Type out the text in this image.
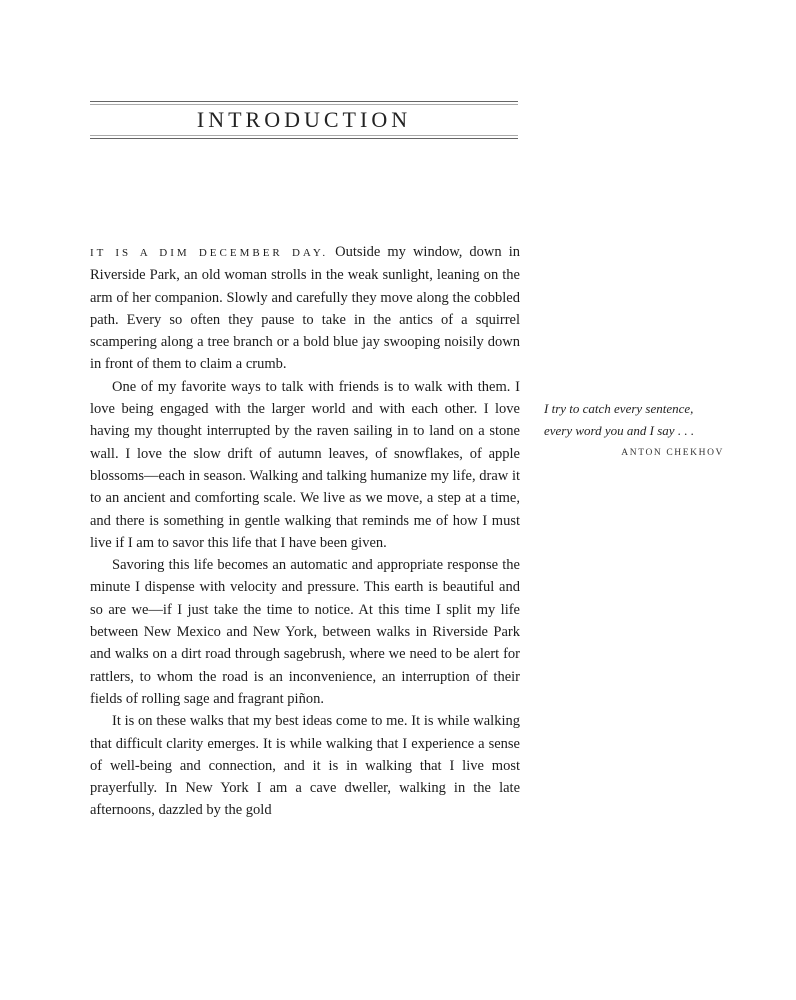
INTRODUCTION

IT IS A DIM DECEMBER DAY. Outside my window, down in Riverside Park, an old woman strolls in the weak sunlight, leaning on the arm of her companion. Slowly and carefully they move along the cobbled path. Every so often they pause to take in the antics of a squirrel scampering along a tree branch or a bold blue jay swooping noisily down in front of them to claim a crumb.

One of my favorite ways to talk with friends is to walk with them. I love being engaged with the larger world and with each other. I love having my thought interrupted by the raven sailing in to land on a stone wall. I love the slow drift of autumn leaves, of snowflakes, of apple blossoms—each in season. Walking and talking humanize my life, draw it to an ancient and comforting scale. We live as we move, a step at a time, and there is something in gentle walking that reminds me of how I must live if I am to savor this life that I have been given.

Savoring this life becomes an automatic and appropriate response the minute I dispense with velocity and pressure. This earth is beautiful and so are we—if I just take the time to notice. At this time I split my life between New Mexico and New York, between walks in Riverside Park and walks on a dirt road through sagebrush, where we need to be alert for rattlers, to whom the road is an inconvenience, an interruption of their fields of rolling sage and fragrant piñon.

It is on these walks that my best ideas come to me. It is while walking that difficult clarity emerges. It is while walking that I experience a sense of well-being and connection, and it is in walking that I live most prayerfully. In New York I am a cave dweller, walking in the late afternoons, dazzled by the gold

I try to catch every sentence,
every word you and I say . . .
ANTON CHEKHOV
